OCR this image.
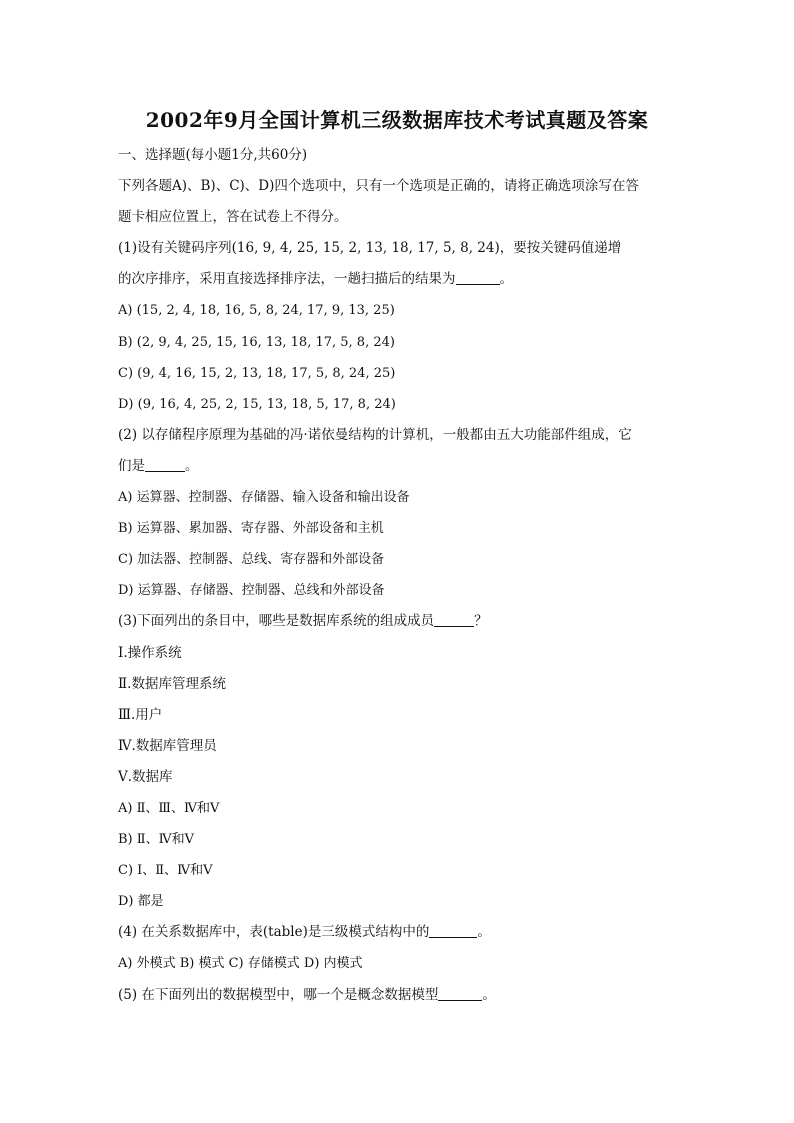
2002年9月全国计算机三级数据库技术考试真题及答案
一、选择题(每小题1分,共60分)
下列各题A)、B)、C)、D)四个选项中，只有一个选项是正确的，请将正确选项涂写在答
题卡相应位置上，答在试卷上不得分。
(1)设有关键码序列(16, 9, 4, 25, 15, 2, 13, 18, 17, 5, 8, 24)，要按关键码值递增
的次序排序，采用直接选择排序法，一趟扫描后的结果为	。
A) (15, 2, 4, 18, 16, 5, 8, 24, 17, 9, 13, 25)
B) (2, 9, 4, 25, 15, 16, 13, 18, 17, 5, 8, 24)
C) (9, 4, 16, 15, 2, 13, 18, 17, 5, 8, 24, 25)
D) (9, 16, 4, 25, 2, 15, 13, 18, 5, 17, 8, 24)
(2) 以存储程序原理为基础的冯·诺依曼结构的计算机，一般都由五大功能部件组成，它
们是	。
A) 运算器、控制器、存储器、输入设备和输出设备
B) 运算器、累加器、寄存器、外部设备和主机
C) 加法器、控制器、总线、寄存器和外部设备
D) 运算器、存储器、控制器、总线和外部设备
(3)下面列出的条目中，哪些是数据库系统的组成成员	？
Ⅰ.操作系统
Ⅱ.数据库管理系统
Ⅲ.用户
Ⅳ.数据库管理员
Ⅴ.数据库
A) Ⅱ、Ⅲ、Ⅳ和Ⅴ
B) Ⅱ、Ⅳ和Ⅴ
C) Ⅰ、Ⅱ、Ⅳ和Ⅴ
D) 都是
(4) 在关系数据库中，表(table)是三级模式结构中的	。
A) 外模式 B) 模式 C) 存储模式 D) 内模式
(5) 在下面列出的数据模型中，哪一个是概念数据模型	。
